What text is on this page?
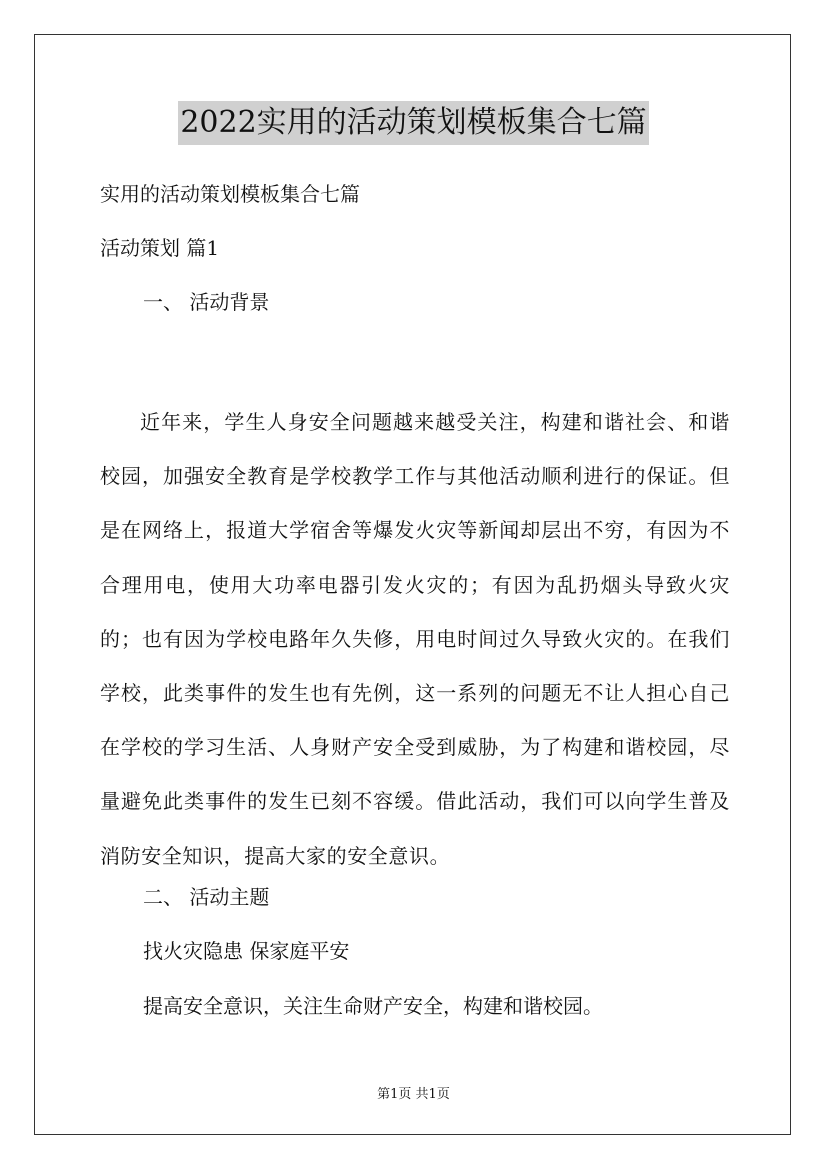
2022实用的活动策划模板集合七篇
实用的活动策划模板集合七篇
活动策划 篇1
一、 活动背景
近年来，学生人身安全问题越来越受关注，构建和谐社会、和谐校园，加强安全教育是学校教学工作与其他活动顺利进行的保证。但是在网络上，报道大学宿舍等爆发火灾等新闻却层出不穷，有因为不合理用电，使用大功率电器引发火灾的；有因为乱扔烟头导致火灾的；也有因为学校电路年久失修，用电时间过久导致火灾的。在我们学校，此类事件的发生也有先例，这一系列的问题无不让人担心自己在学校的学习生活、人身财产安全受到威胁，为了构建和谐校园，尽量避免此类事件的发生已刻不容缓。借此活动，我们可以向学生普及消防安全知识，提高大家的安全意识。
二、 活动主题
找火灾隐患 保家庭平安
提高安全意识，关注生命财产安全，构建和谐校园。
第1页 共1页
